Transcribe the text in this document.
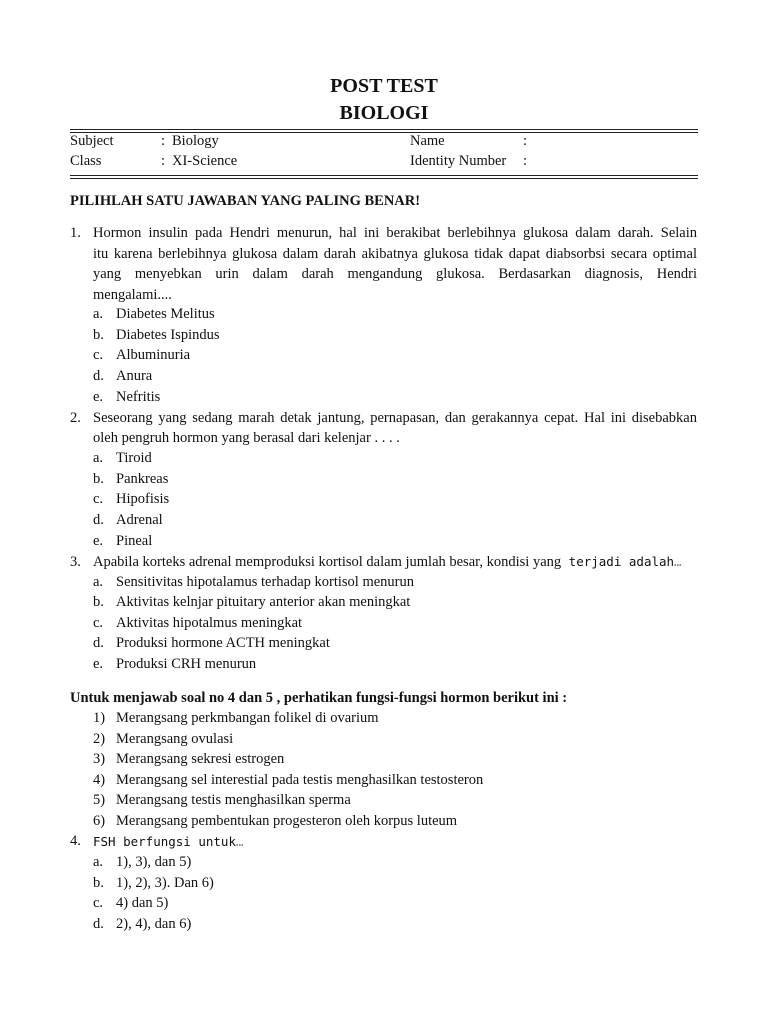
POST TEST
BIOLOGI
Subject	: Biology	Name	:
Class	: XI-Science	Identity Number :
PILIHLAH SATU JAWABAN YANG PALING BENAR!
1. Hormon insulin pada Hendri menurun, hal ini berakibat berlebihnya glukosa dalam darah. Selain
itu karena berlebihnya glukosa dalam darah akibatnya glukosa tidak dapat diabsorbsi secara optimal
yang menyebkan urin dalam darah mengandung glukosa. Berdasarkan diagnosis, Hendri
mengalami....
a. Diabetes Melitus
b. Diabetes Ispindus
c. Albuminuria
d. Anura
e. Nefritis
2. Seseorang yang sedang marah detak jantung, pernapasan, dan gerakannya cepat. Hal ini disebabkan
oleh pengruh hormon yang berasal dari kelenjar . . . .
a. Tiroid
b. Pankreas
c. Hipofisis
d. Adrenal
e. Pineal
3. Apabila korteks adrenal memproduksi kortisol dalam jumlah besar, kondisi yang terjadi adalah…
a. Sensitivitas hipotalamus terhadap kortisol menurun
b. Aktivitas kelnjar pituitary anterior akan meningkat
c. Aktivitas hipotalmus meningkat
d. Produksi hormone ACTH meningkat
e. Produksi CRH menurun
Untuk menjawab soal no 4 dan 5 , perhatikan fungsi-fungsi hormon berikut ini :
1) Merangsang perkmbangan folikel di ovarium
2) Merangsang ovulasi
3) Merangsang sekresi estrogen
4) Merangsang sel interestial pada testis menghasilkan testosteron
5) Merangsang testis menghasilkan sperma
6) Merangsang pembentukan progesteron oleh korpus luteum
4. FSH berfungsi untuk…
a. 1), 3), dan 5)
b. 1), 2), 3). Dan 6)
c. 4) dan 5)
d. 2), 4), dan 6)
